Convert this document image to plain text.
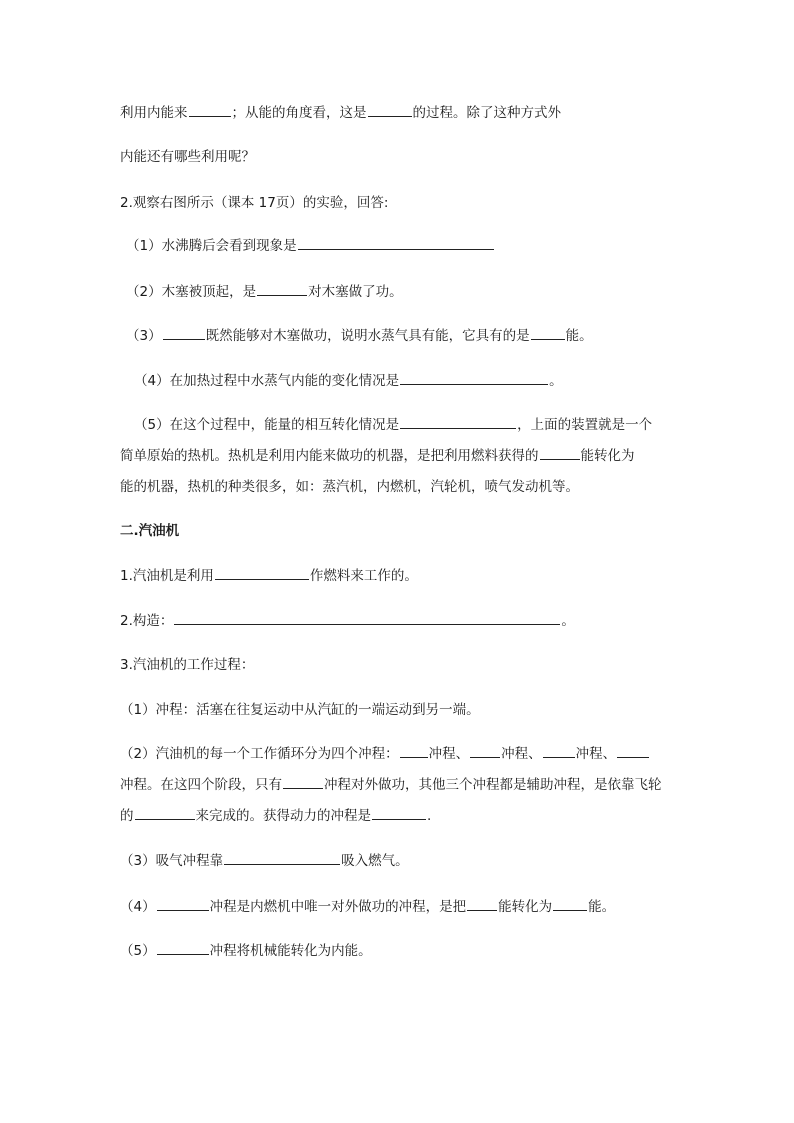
利用内能来	；从能的角度看，这是	的过程。除了这种方式外

内能还有哪些利用呢？

2.观察右图所示（课本 17页）的实验，回答:

（1）水沸腾后会看到现象是

（2）木塞被顶起，是	对木塞做了功。

（3）	既然能够对木塞做功，说明水蒸气具有能，它具有的是	能。

（4）在加热过程中水蒸气内能的变化情况是	。

（5）在这个过程中，能量的相互转化情况是	，上面的装置就是一个

简单原始的热机。热机是利用内能来做功的机器，是把利用燃料获得的	能转化为

能的机器，热机的种类很多，如：蒸汽机，内燃机，汽轮机，喷气发动机等。

二.汽油机

1.汽油机是利用	作燃料来工作的。

2.构造：	。

3.汽油机的工作过程：

（1）冲程：活塞在往复运动中从汽缸的一端运动到另一端。

（2）汽油机的每一个工作循环分为四个冲程： 冲程、 冲程、	冲程、

冲程。在这四个阶段，只有	冲程对外做功，其他三个冲程都是辅助冲程，是依靠飞轮

的	来完成的。获得动力的冲程是	.

（3）吸气冲程靠	吸入燃气。

（4）	冲程是内燃机中唯一对外做功的冲程，是把 能转化为	能。

（5）	冲程将机械能转化为内能。
